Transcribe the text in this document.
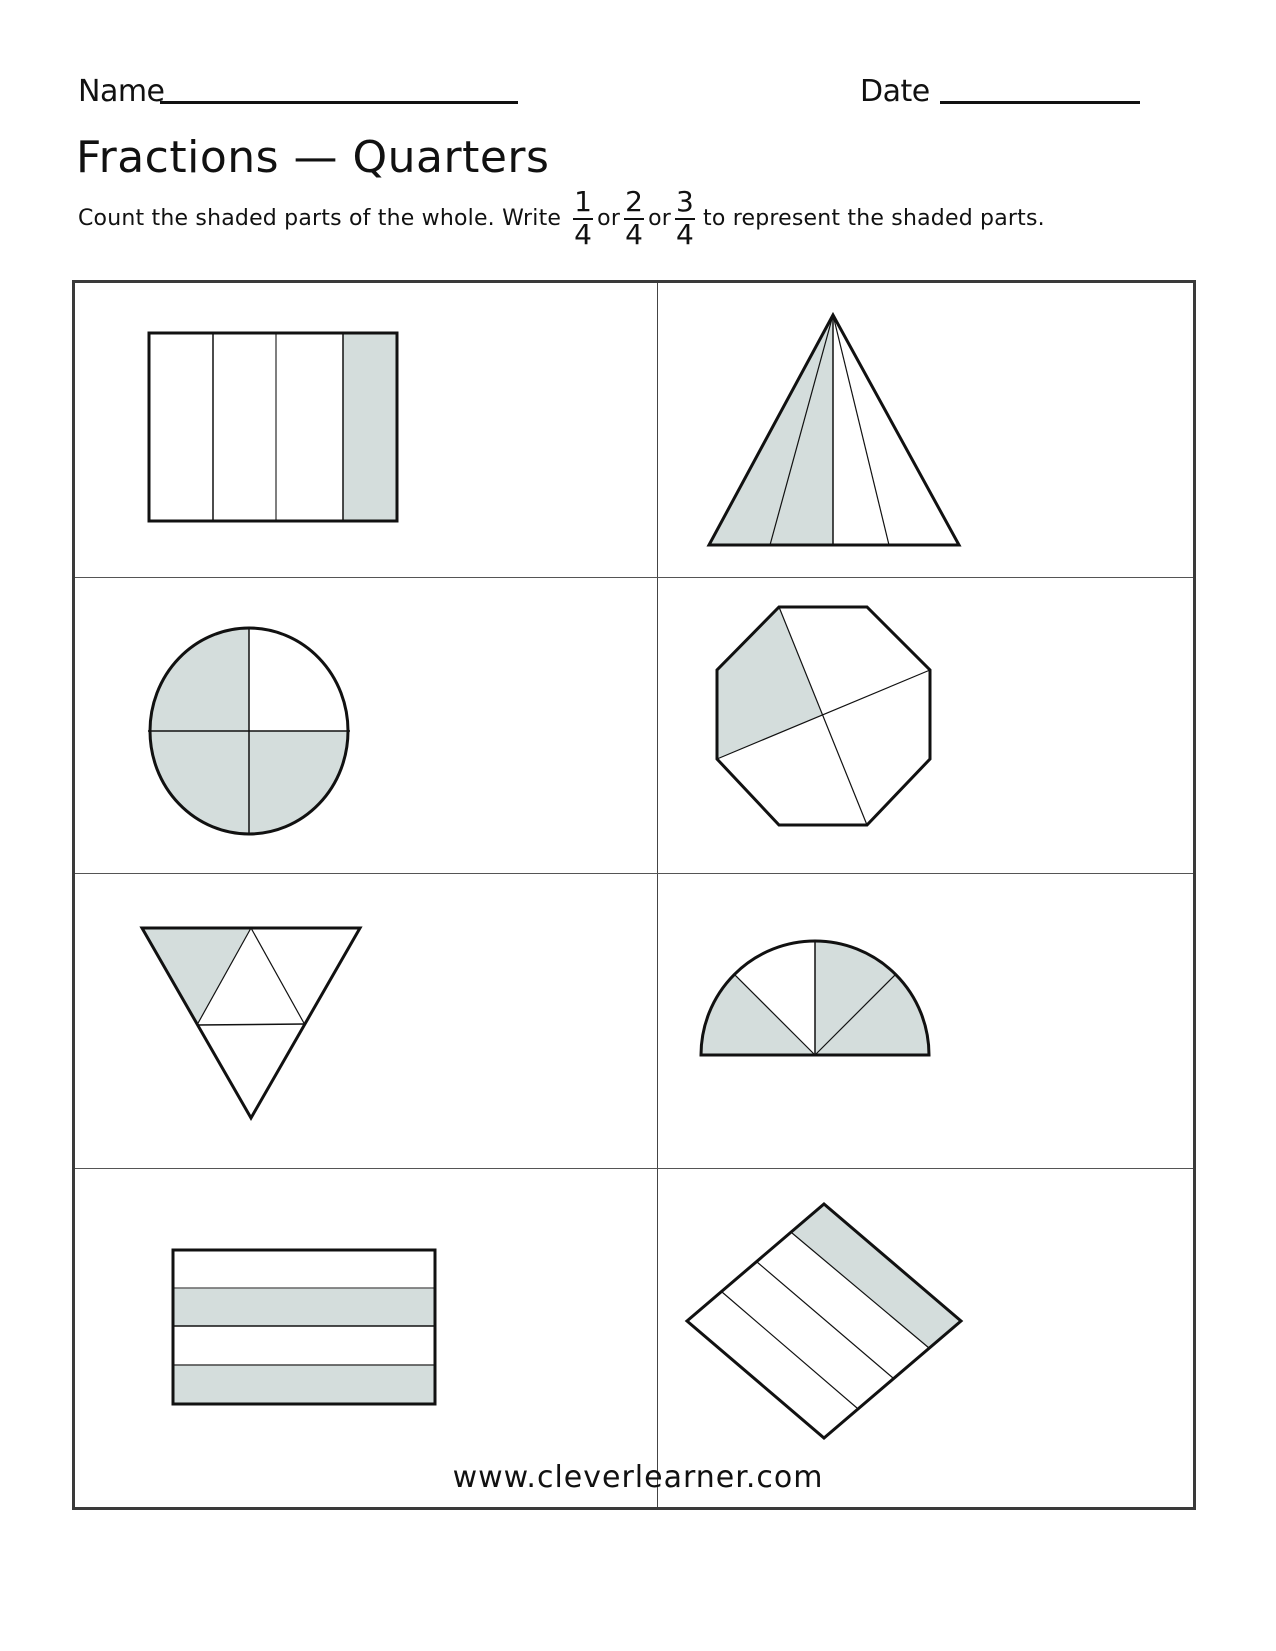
Name	Date
Fractions — Quarters
Count the shaded parts of the whole. Write $\frac{1}{4}$ or $\frac{2}{4}$ or $\frac{3}{4}$ to represent the shaded parts.
www.cleverlearner.com
